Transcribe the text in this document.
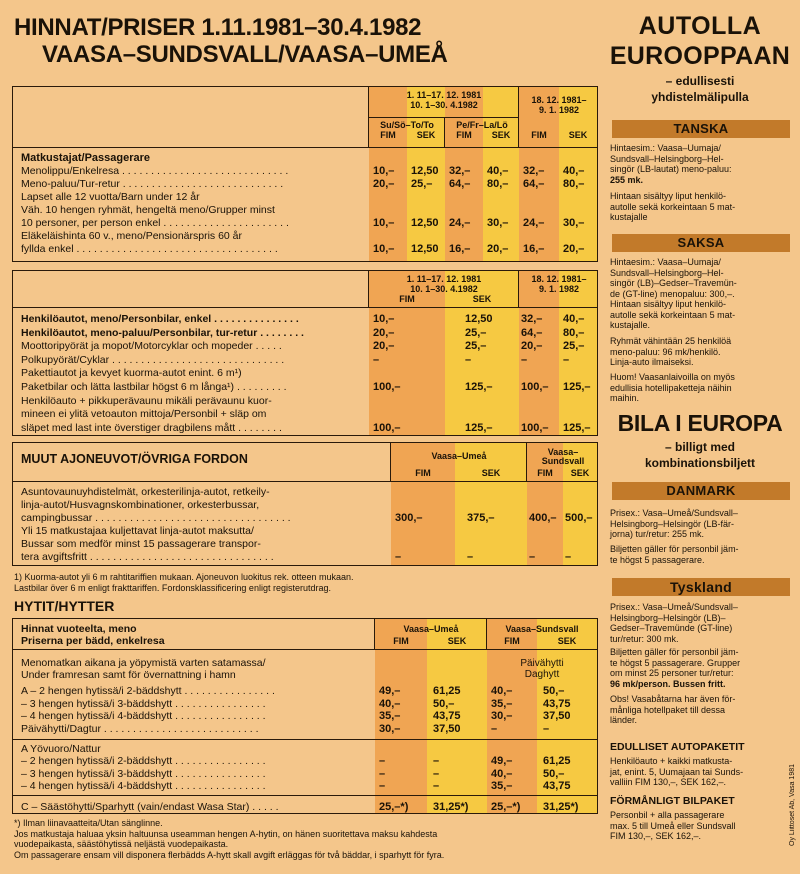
HINNAT/PRISER 1.11.1981–30.4.1982
VAASA–SUNDSVALL/VAASA–UMEÅ
1. 11–17. 12. 1981
10. 1–30. 4.1982	18. 12. 1981–
9. 1. 1982
Su/Sö–To/To	Pe/Fr–La/Lö
FIM	SEK	FIM	SEK	FIM	SEK
Matkustajat/Passagerare
Menolippu/Enkelresa . . . . . . . . . . . . . . . . . . . . . . . . . . . . .	10,– 12,50 32,– 40,– 32,– 40,–
Meno-paluu/Tur-retur . . . . . . . . . . . . . . . . . . . . . . . . . . . .	20,– 25,– 64,– 80,– 64,– 80,–
Lapset alle 12 vuotta/Barn under 12 år
Väh. 10 hengen ryhmät, hengeltä meno/Grupper minst
10 personer, per person enkel . . . . . . . . . . . . . . . . . . . . . .	10,– 12,50 24,– 30,– 24,– 30,–
Eläkeläishinta 60 v., meno/Pensionärspris 60 år
fyllda enkel . . . . . . . . . . . . . . . . . . . . . . . . . . . . . . . . . . .	10,– 12,50 16,– 20,– 16,– 20,–
1. 11–17. 12. 1981
10. 1–30. 4.1982
18. 12. 1981–
9. 1. 1982
FIM	SEK
Henkilöautot, meno/Personbilar, enkel . . . . . . . . . . . . . . .	10,–	12,50	32,– 40,–
Henkilöautot, meno-paluu/Personbilar, tur-retur . . . . . . . .	20,–	25,–	64,– 80,–
Moottoripyörät ja mopot/Motorcyklar och mopeder . . . . .	20,–	25,–	20,– 25,–
Polkupyörät/Cyklar . . . . . . . . . . . . . . . . . . . . . . . . . . . . . .	–	–	–	–
Pakettiautot ja kevyet kuorma-autot enint. 6 m¹)
Paketbilar och lätta lastbilar högst 6 m långa¹) . . . . . . . . .	100,–	125,–	100,– 125,–
Henkilöauto + pikkuperävaunu mikäli perävaunu kuor-
mineen ei ylitä vetoauton mittoja/Personbil + släp om
släpet med last inte överstiger dragbilens mått . . . . . . . .	100,–	125,–	100,– 125,–
MUUT AJONEUVOT/ÖVRIGA FORDON	Vaasa–Umeå	Vaasa–
Sundsvall
FIM	SEK	FIM	SEK
Asuntovaunuyhdistelmät, orkesterilinja-autot, retkeily-
linja-autot/Husvagnskombinationer, orkesterbussar,
campingbussar . . . . . . . . . . . . . . . . . . . . . . . . . . . . . . . . . .	300,–	375,–	400,– 500,–
Yli 15 matkustajaa kuljettavat linja-autot maksutta/
Bussar som medför minst 15 passagerare transpor-
tera avgiftsfritt . . . . . . . . . . . . . . . . . . . . . . . . . . . . . . . .	–	–	–	–
1) Kuorma-autot yli 6 m rahtitariffien mukaan. Ajoneuvon luokitus rek. otteen mukaan.
Lastbilar över 6 m enligt frakttariffen. Fordonsklassificering enligt registerutdrag.
HYTIT/HYTTER
Hinnat vuoteelta, meno
Priserna per bädd, enkelresa
Vaasa–Umeå	Vaasa–Sundsvall
FIM	SEK	FIM	SEK
Menomatkan aikana ja yöpymistä varten satamassa/
Under framresan samt för övernattning i hamn
Päivähytti
Daghytt
A – 2 hengen hytissä/i 2-bäddshytt . . . . . . . . . . . . . . . .	49,–	61,25	40,–	50,–
– 3 hengen hytissä/i 3-bäddshytt . . . . . . . . . . . . . . . .	40,–	50,–	35,–	43,75
– 4 hengen hytissä/i 4-bäddshytt . . . . . . . . . . . . . . . .	35,–	43,75	30,–	37,50
Päivähytti/Dagtur . . . . . . . . . . . . . . . . . . . . . . . . . . .	30,–	37,50	–	–
A Yövuoro/Nattur
– 2 hengen hytissä/i 2-bäddshytt . . . . . . . . . . . . . . . .	–	–	49,–	61,25
– 3 hengen hytissä/i 3-bäddshytt . . . . . . . . . . . . . . . .	–	–	40,–	50,–
– 4 hengen hytissä/i 4-bäddshytt . . . . . . . . . . . . . . . .	–	–	35,–	43,75
C – Säästöhytti/Sparhytt (vain/endast Wasa Star) . . . . .	25,–*) 31,25*) 25,–*) 31,25*)
*) Ilman liinavaatteita/Utan sänglinne.
Jos matkustaja haluaa yksin haltuunsa useamman hengen A-hytin, on hänen suoritettava maksu kahdesta
vuodepaikasta, säästöhytissä neljästä vuodepaikasta.
Om passagerare ensam vill disponera flerbädds A-hytt skall avgift erläggas för två bäddar, i sparhytt för fyra.
AUTOLLA
EUROOPPAAN
– edullisesti
yhdistelmälipulla
TANSKA
Hintaesim.: Vaasa–Uumaja/
Sundsvall–Helsingborg–Hel-
singör (LB-lautat) meno-paluu:
255 mk.
Hintaan sisältyy liput henkilö-
autolle sekä korkeintaan 5 mat-
kustajalle
SAKSA
Hintaesim.: Vaasa–Uumaja/
Sundsvall–Helsingborg–Hel-
singör (LB)–Gedser–Travemün-
de (GT-line) menopaluu: 300,–.
Hintaan sisältyy liput henkilö-
autolle sekä korkeintaan 5 mat-
kustajalle.
Ryhmät vähintään 25 henkilöä
meno-paluu: 96 mk/henkilö.
Linja-auto ilmaiseksi.
Huom! Vaasanlaivoilla on myös
edullisia hotellipaketteja näihin
maihin.
BILA I EUROPA
– billigt med
kombinationsbiljett
DANMARK
Prisex.: Vasa–Umeå/Sundsvall–
Helsingborg–Helsingör (LB-fär-
jorna) tur/retur: 255 mk.
Biljetten gäller för personbil jäm-
te högst 5 passagerare.
Tyskland
Prisex.: Vasa–Umeå/Sundsvall–
Helsingborg–Helsingör (LB)–
Gedser–Travemünde (GT-line)
tur/retur: 300 mk.
Biljetten gäller för personbil jäm-
te högst 5 passagerare. Grupper
om minst 25 personer tur/retur:
96 mk/person. Bussen fritt.
Obs! Vasabåtarna har även för-
månliga hotellpaket till dessa
länder.
EDULLISET AUTOPAKETIT
Henkilöauto + kaikki matkusta-
jat, enint. 5, Uumajaan tai Sunds-
valliin FIM 130,–, SEK 162,–.
FÖRMÅNLIGT BILPAKET
Personbil + alla passagerare
max. 5 till Umeå eller Sundsvall
FIM 130,–, SEK 162,–.	Oy Liittoset Ab, Vasa 1981
